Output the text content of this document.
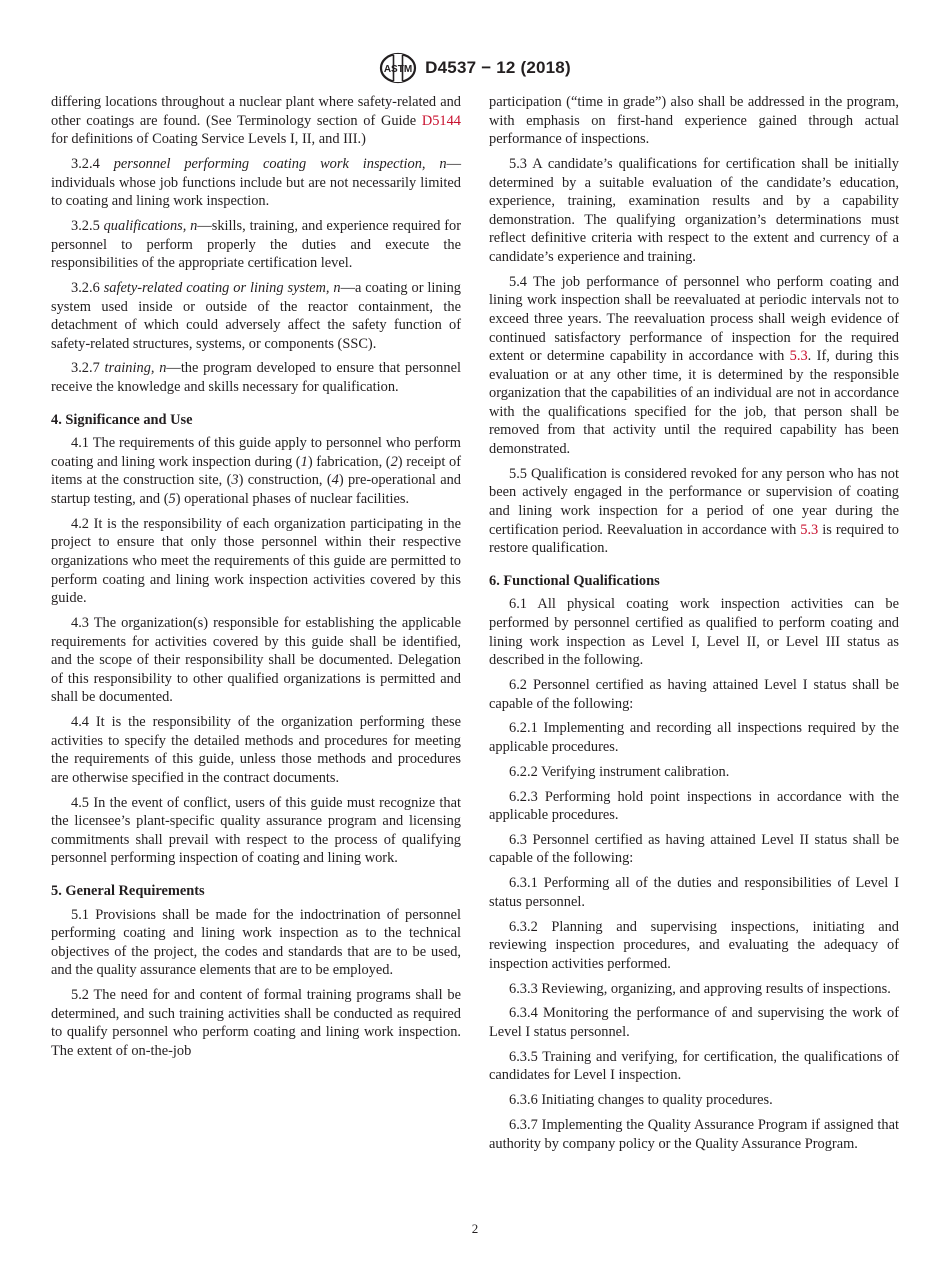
ASTM D4537 − 12 (2018)

differing locations throughout a nuclear plant where safety-related and other coatings are found. (See Terminology section of Guide D5144 for definitions of Coating Service Levels I, II, and III.)

3.2.4 personnel performing coating work inspection, n—individuals whose job functions include but are not necessarily limited to coating and lining work inspection.

3.2.5 qualifications, n—skills, training, and experience required for personnel to perform properly the duties and execute the responsibilities of the appropriate certification level.

3.2.6 safety-related coating or lining system, n—a coating or lining system used inside or outside of the reactor containment, the detachment of which could adversely affect the safety function of safety-related structures, systems, or components (SSC).

3.2.7 training, n—the program developed to ensure that personnel receive the knowledge and skills necessary for qualification.

4. Significance and Use

4.1 The requirements of this guide apply to personnel who perform coating and lining work inspection during (1) fabrication, (2) receipt of items at the construction site, (3) construction, (4) pre-operational and startup testing, and (5) operational phases of nuclear facilities.

4.2 It is the responsibility of each organization participating in the project to ensure that only those personnel within their respective organizations who meet the requirements of this guide are permitted to perform coating and lining work inspection activities covered by this guide.

4.3 The organization(s) responsible for establishing the applicable requirements for activities covered by this guide shall be identified, and the scope of their responsibility shall be documented. Delegation of this responsibility to other qualified organizations is permitted and shall be documented.

4.4 It is the responsibility of the organization performing these activities to specify the detailed methods and procedures for meeting the requirements of this guide, unless those methods and procedures are otherwise specified in the contract documents.

4.5 In the event of conflict, users of this guide must recognize that the licensee’s plant-specific quality assurance program and licensing commitments shall prevail with respect to the process of qualifying personnel performing inspection of coating and lining work.

5. General Requirements

5.1 Provisions shall be made for the indoctrination of personnel performing coating and lining work inspection as to the technical objectives of the project, the codes and standards that are to be used, and the quality assurance elements that are to be employed.

5.2 The need for and content of formal training programs shall be determined, and such training activities shall be conducted as required to qualify personnel who perform coating and lining work inspection. The extent of on-the-job

participation (“time in grade”) also shall be addressed in the program, with emphasis on first-hand experience gained through actual performance of inspections.

5.3 A candidate’s qualifications for certification shall be initially determined by a suitable evaluation of the candidate’s education, experience, training, examination results and by a capability demonstration. The qualifying organization’s determinations must reflect definitive criteria with respect to the extent and currency of a candidate’s experience and training.

5.4 The job performance of personnel who perform coating and lining work inspection shall be reevaluated at periodic intervals not to exceed three years. The reevaluation process shall weigh evidence of continued satisfactory performance of inspection for the required extent or determine capability in accordance with 5.3. If, during this evaluation or at any other time, it is determined by the responsible organization that the capabilities of an individual are not in accordance with the qualifications specified for the job, that person shall be removed from that activity until the required capability has been demonstrated.

5.5 Qualification is considered revoked for any person who has not been actively engaged in the performance or supervision of coating and lining work inspection for a period of one year during the certification period. Reevaluation in accordance with 5.3 is required to restore qualification.

6. Functional Qualifications

6.1 All physical coating work inspection activities can be performed by personnel certified as qualified to perform coating and lining work inspection as Level I, Level II, or Level III status as described in the following.

6.2 Personnel certified as having attained Level I status shall be capable of the following:

6.2.1 Implementing and recording all inspections required by the applicable procedures.

6.2.2 Verifying instrument calibration.

6.2.3 Performing hold point inspections in accordance with the applicable procedures.

6.3 Personnel certified as having attained Level II status shall be capable of the following:

6.3.1 Performing all of the duties and responsibilities of Level I status personnel.

6.3.2 Planning and supervising inspections, initiating and reviewing inspection procedures, and evaluating the adequacy of inspection activities performed.

6.3.3 Reviewing, organizing, and approving results of inspections.

6.3.4 Monitoring the performance of and supervising the work of Level I status personnel.

6.3.5 Training and verifying, for certification, the qualifications of candidates for Level I inspection.

6.3.6 Initiating changes to quality procedures.

6.3.7 Implementing the Quality Assurance Program if assigned that authority by company policy or the Quality Assurance Program.

2
